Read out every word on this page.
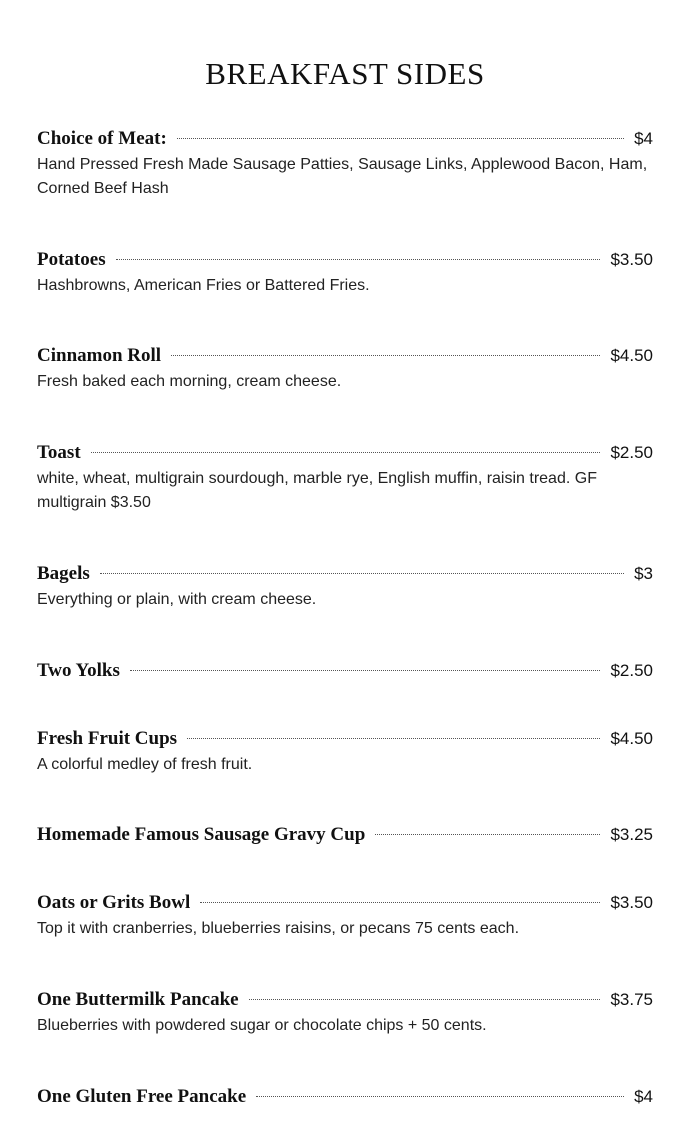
BREAKFAST SIDES
Choice of Meat:	$4
Hand Pressed Fresh Made Sausage Patties, Sausage Links, Applewood Bacon, Ham, Corned Beef Hash
Potatoes	$3.50
Hashbrowns, American Fries or Battered Fries.
Cinnamon Roll	$4.50
Fresh baked each morning, cream cheese.
Toast	$2.50
white, wheat, multigrain sourdough, marble rye, English muffin, raisin tread. GF multigrain $3.50
Bagels	$3
Everything or plain, with cream cheese.
Two Yolks	$2.50
Fresh Fruit Cups	$4.50
A colorful medley of fresh fruit.
Homemade Famous Sausage Gravy Cup	$3.25
Oats or Grits Bowl	$3.50
Top it with cranberries, blueberries raisins, or pecans 75 cents each.
One Buttermilk Pancake	$3.75
Blueberries with powdered sugar or chocolate chips + 50 cents.
One Gluten Free Pancake	$4
